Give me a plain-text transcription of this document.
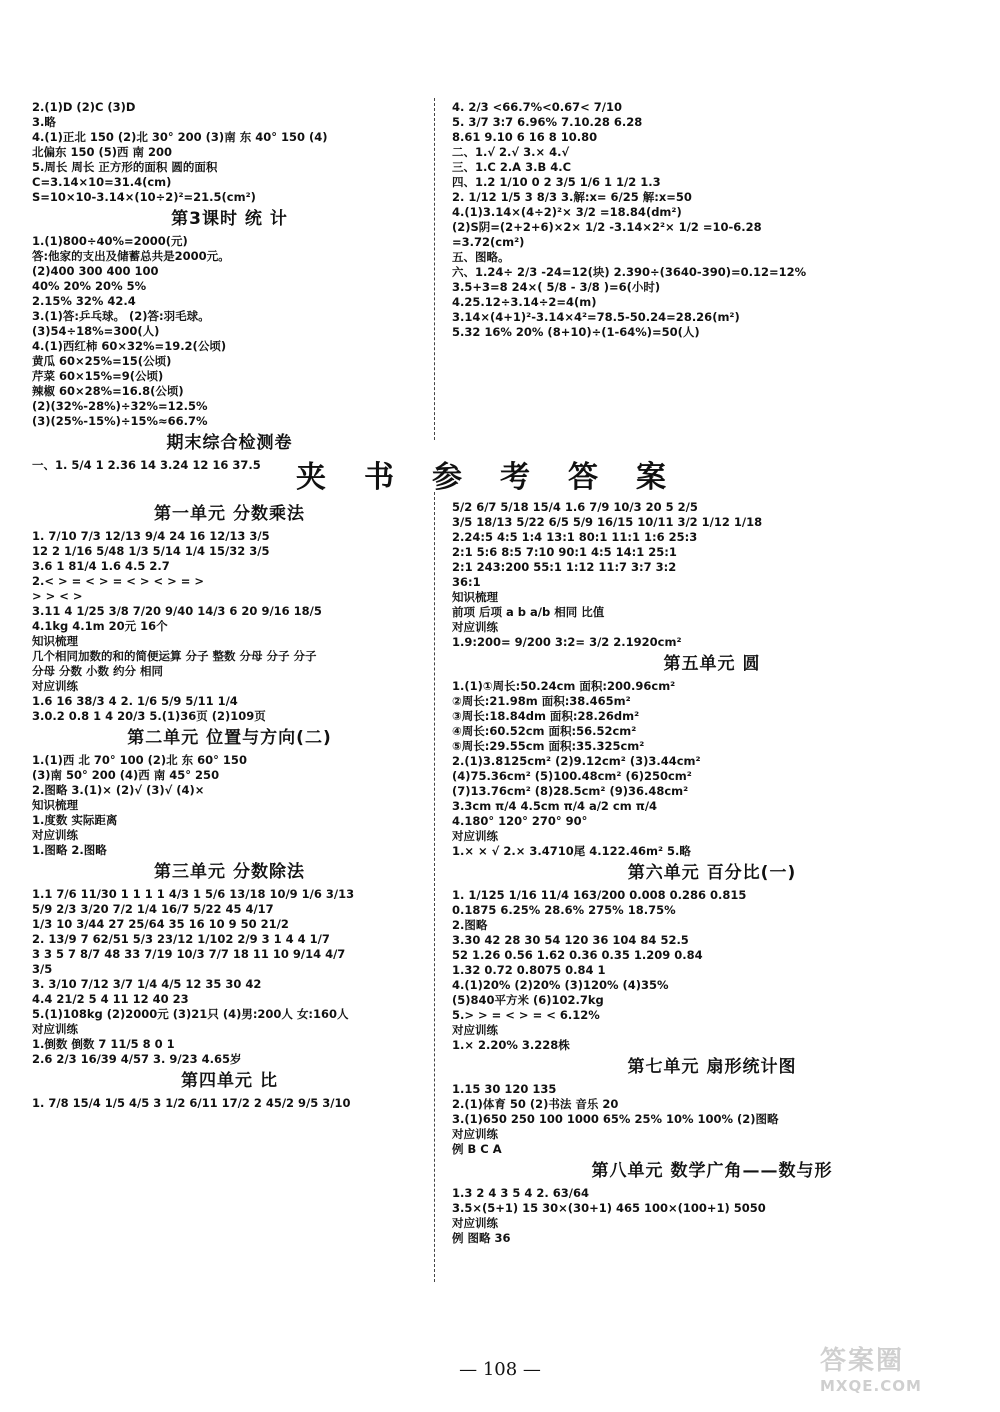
2.(1)D (2)C (3)D
3.略
4.(1)正北 150 (2)北 30° 200 (3)南 东 40° 150 (4)
北偏东 150 (5)西 南 200
5.周长 周长 正方形的面积 圆的面积
C=3.14×10=31.4(cm)
S=10×10-3.14×(10÷2)²=21.5(cm²)
第3课时 统 计
1.(1)800÷40%=2000(元)
答:他家的支出及储蓄总共是2000元。
(2)400 300 400 100
40% 20% 20% 5%
2.15% 32% 42.4
3.(1)答:乒乓球。 (2)答:羽毛球。
(3)54÷18%=300(人)
4.(1)西红柿 60×32%=19.2(公顷)
黄瓜 60×25%=15(公顷)
芹菜 60×15%=9(公顷)
辣椒 60×28%=16.8(公顷)
(2)(32%-28%)÷32%=12.5%
(3)(25%-15%)÷15%≈66.7%
期末综合检测卷
一、1. 5/4 1 2.36 14 3.24 12 16 37.5
4. 2/3 <66.7%<0.67< 7/10
5. 3/7 3:7 6.96% 7.10.28 6.28
8.61 9.10 6 16 8 10.80
二、1.√ 2.√ 3.× 4.√
三、1.C 2.A 3.B 4.C
四、1.2 1/10 0 2 3/5 1/6 1 1/2 1.3
2. 1/12 1/5 3 8/3 3.解:x= 6/25 解:x=50
4.(1)3.14×(4÷2)²× 3/2 =18.84(dm²)
(2)S阴=(2+2+6)×2× 1/2 -3.14×2²× 1/2 =10-6.28
=3.72(cm²)
五、图略。
六、1.24÷ 2/3 -24=12(块) 2.390÷(3640-390)=0.12=12%
3.5+3=8 24×( 5/8 - 3/8 )=6(小时)
4.25.12÷3.14÷2=4(m)
3.14×(4+1)²-3.14×4²=78.5-50.24=28.26(m²)
5.32 16% 20% (8+10)÷(1-64%)=50(人)
夹书参考答案
第一单元 分数乘法
1. 7/10 7/3 12/13 9/4 24 16 12/13 3/5
12 2 1/16 5/48 1/3 5/14 1/4 15/32 3/5
3.6 1 81/4 1.6 4.5 2.7
2.< > = < > = < > < > = >
> > < >
3.11 4 1/25 3/8 7/20 9/40 14/3 6 20 9/16 18/5
4.1kg 4.1m 20元 16个
知识梳理
几个相同加数的和的简便运算 分子 整数 分母 分子 分子
分母 分数 小数 约分 相同
对应训练
1.6 16 38/3 4 2. 1/6 5/9 5/11 1/4
3.0.2 0.8 1 4 20/3 5.(1)36页 (2)109页
第二单元 位置与方向(二)
1.(1)西 北 70° 100 (2)北 东 60° 150
(3)南 50° 200 (4)西 南 45° 250
2.图略 3.(1)× (2)√ (3)√ (4)×
知识梳理
1.度数 实际距离
对应训练
1.图略 2.图略
第三单元 分数除法
1.1 7/6 11/30 1 1 1 1 4/3 1 5/6 13/18 10/9 1/6 3/13
5/9 2/3 3/20 7/2 1/4 16/7 5/22 45 4/17
1/3 10 3/44 27 25/64 35 16 10 9 50 21/2
2. 13/9 7 62/51 5/3 23/12 1/102 2/9 3 1 4 4 1/7
3 3 5 7 8/7 48 33 7/19 10/3 7/7 18 11 10 9/14 4/7
3/5
3. 3/10 7/12 3/7 1/4 4/5 12 35 30 42
4.4 21/2 5 4 11 12 40 23
5.(1)108kg (2)2000元 (3)21只 (4)男:200人 女:160人
对应训练
1.倒数 倒数 7 11/5 8 0 1
2.6 2/3 16/39 4/57 3. 9/23 4.65岁
第四单元 比
1. 7/8 15/4 1/5 4/5 3 1/2 6/11 17/2 2 45/2 9/5 3/10
5/2 6/7 5/18 15/4 1.6 7/9 10/3 20 5 2/5
3/5 18/13 5/22 6/5 5/9 16/15 10/11 3/2 1/12 1/18
2.24:5 4:5 1:4 13:1 80:1 11:1 1:6 25:3
2:1 5:6 8:5 7:10 90:1 4:5 14:1 25:1
2:1 243:200 55:1 1:12 11:7 3:7 3:2
36:1
知识梳理
前项 后项 a b a/b 相同 比值
对应训练
1.9:200= 9/200 3:2= 3/2 2.1920cm²
第五单元 圆
1.(1)①周长:50.24cm 面积:200.96cm²
②周长:21.98m 面积:38.465m²
③周长:18.84dm 面积:28.26dm²
④周长:60.52cm 面积:56.52cm²
⑤周长:29.55cm 面积:35.325cm²
2.(1)3.8125cm² (2)9.12cm² (3)3.44cm²
(4)75.36cm² (5)100.48cm² (6)250cm²
(7)13.76cm² (8)28.5cm² (9)36.48cm²
3.3cm π/4 4.5cm π/4 a/2 cm π/4
4.180° 120° 270° 90°
对应训练
1.× × √ 2.× 3.4710尾 4.122.46m² 5.略
第六单元 百分比(一)
1. 1/125 1/16 11/4 163/200 0.008 0.286 0.815
0.1875 6.25% 28.6% 275% 18.75%
2.图略
3.30 42 28 30 54 120 36 104 84 52.5
52 1.26 0.56 1.62 0.36 0.35 1.209 0.84
1.32 0.72 0.8075 0.84 1
4.(1)20% (2)20% (3)120% (4)35%
(5)840平方米 (6)102.7kg
5.> > = < > = < 6.12%
对应训练
1.× 2.20% 3.228株
第七单元 扇形统计图
1.15 30 120 135
2.(1)体育 50 (2)书法 音乐 20
3.(1)650 250 100 1000 65% 25% 10% 100% (2)图略
对应训练
例 B C A
第八单元 数学广角——数与形
1.3 2 4 3 5 4 2. 63/64
3.5×(5+1) 15 30×(30+1) 465 100×(100+1) 5050
对应训练
例 图略 36
— 108 —	答案圈
MXQE.COM
